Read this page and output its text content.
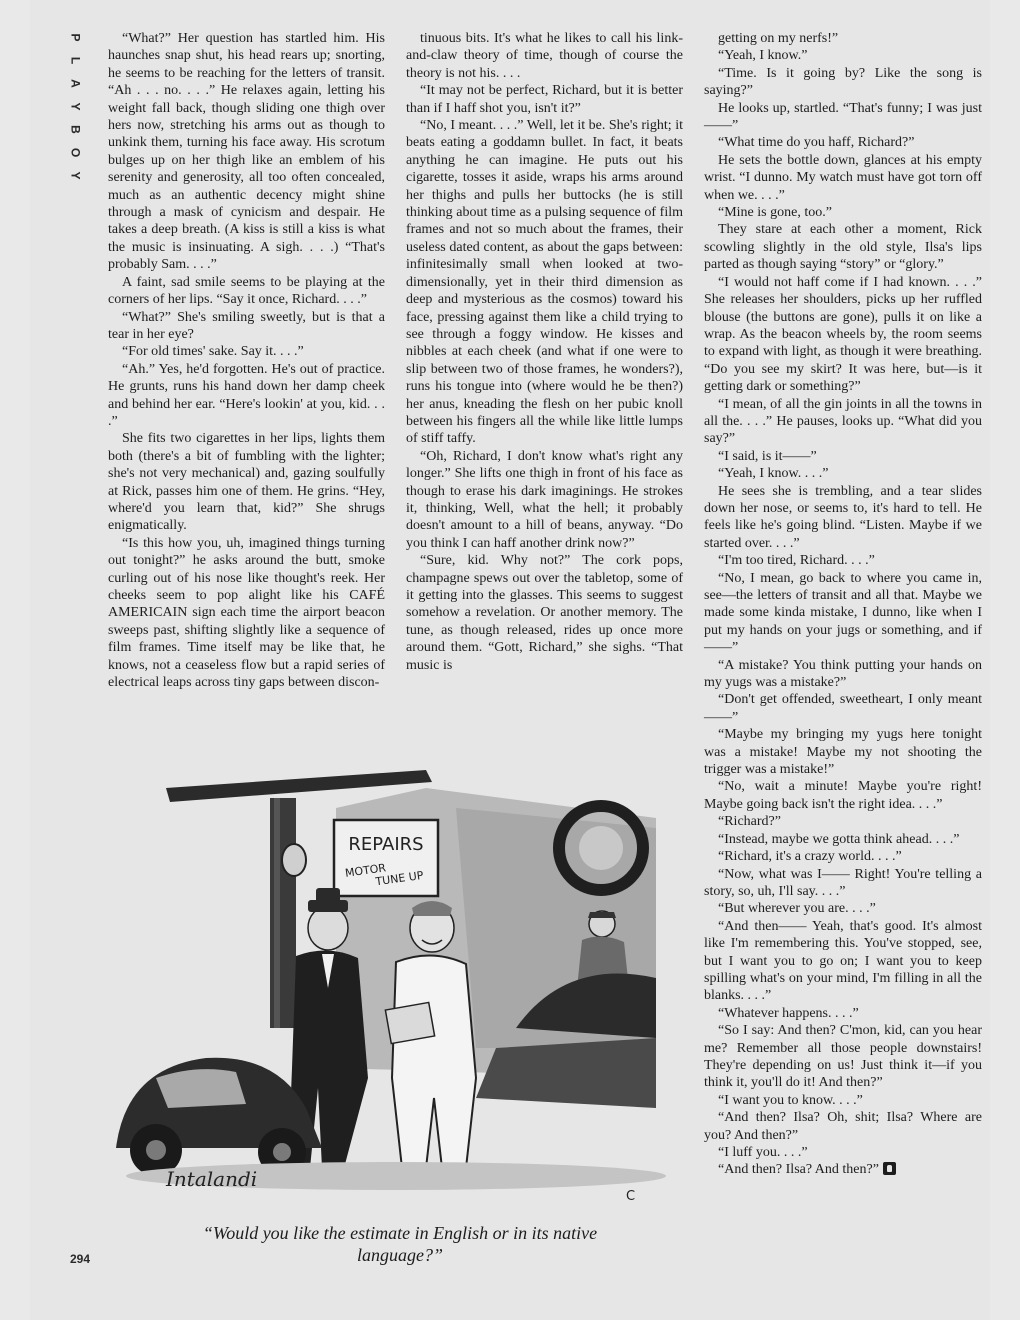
P
L
A
Y
B
O
Y

“What?” Her question has startled him. His haunches snap shut, his head rears up; snorting, he seems to be reaching for the letters of transit. “Ah . . . no. . . .” He relaxes again, letting his weight fall back, though sliding one thigh over hers now, stretching his arms out as though to unkink them, turning his face away. His scrotum bulges up on her thigh like an emblem of his serenity and generosity, all too often concealed, much as an authentic decency might shine through a mask of cynicism and despair. He takes a deep breath. (A kiss is still a kiss is what the music is insinuating. A sigh. . . .) “That's probably Sam. . . .”

A faint, sad smile seems to be playing at the corners of her lips. “Say it once, Richard. . . .”

“What?” She's smiling sweetly, but is that a tear in her eye?

“For old times' sake. Say it. . . .”

“Ah.” Yes, he'd forgotten. He's out of practice. He grunts, runs his hand down her damp cheek and behind her ear. “Here's lookin' at you, kid. . . .”

She fits two cigarettes in her lips, lights them both (there's a bit of fumbling with the lighter; she's not very mechanical) and, gazing soulfully at Rick, passes him one of them. He grins. “Hey, where'd you learn that, kid?” She shrugs enigmatically.

“Is this how you, uh, imagined things turning out tonight?” he asks around the butt, smoke curling out of his nose like thought's reek. Her cheeks seem to pop alight like his CAFÉ AMERICAIN sign each time the airport beacon sweeps past, shifting slightly like a sequence of film frames. Time itself may be like that, he knows, not a ceaseless flow but a rapid series of electrical leaps across tiny gaps between discon-

tinuous bits. It's what he likes to call his link-and-claw theory of time, though of course the theory is not his. . . .

“It may not be perfect, Richard, but it is better than if I haff shot you, isn't it?”

“No, I meant. . . .” Well, let it be. She's right; it beats eating a goddamn bullet. In fact, it beats anything he can imagine. He puts out his cigarette, tosses it aside, wraps his arms around her thighs and pulls her buttocks (he is still thinking about time as a pulsing sequence of film frames and not so much about the frames, their useless dated content, as about the gaps between: infinitesimally small when looked at two-dimensionally, yet in their third dimension as deep and mysterious as the cosmos) toward his face, pressing against them like a child trying to see through a foggy window. He kisses and nibbles at each cheek (and what if one were to slip between two of those frames, he wonders?), runs his tongue into (where would he be then?) her anus, kneading the flesh on her pubic knoll between his fingers all the while like little lumps of stiff taffy.

“Oh, Richard, I don't know what's right any longer.” She lifts one thigh in front of his face as though to erase his dark imaginings. He strokes it, thinking, Well, what the hell; it probably doesn't amount to a hill of beans, anyway. “Do you think I can haff another drink now?”

“Sure, kid. Why not?” The cork pops, champagne spews out over the tabletop, some of it getting into the glasses. This seems to suggest somehow a revelation. Or another memory. The tune, as though released, rides up once more around them. “Gott, Richard,” she sighs. “That music is

getting on my nerfs!”

“Yeah, I know.”

“Time. Is it going by? Like the song is saying?”

He looks up, startled. “That's funny; I was just——”

“What time do you haff, Richard?”

He sets the bottle down, glances at his empty wrist. “I dunno. My watch must have got torn off when we. . . .”

“Mine is gone, too.”

They stare at each other a moment, Rick scowling slightly in the old style, Ilsa's lips parted as though saying “story” or “glory.”

“I would not haff come if I had known. . . .” She releases her shoulders, picks up her ruffled blouse (the buttons are gone), pulls it on like a wrap. As the beacon wheels by, the room seems to expand with light, as though it were breathing. “Do you see my skirt? It was here, but—is it getting dark or something?”

“I mean, of all the gin joints in all the towns in all the. . . .” He pauses, looks up. “What did you say?”

“I said, is it——”

“Yeah, I know. . . .”

He sees she is trembling, and a tear slides down her nose, or seems to, it's hard to tell. He feels like he's going blind. “Listen. Maybe if we started over. . . .”

“I'm too tired, Richard. . . .”

“No, I mean, go back to where you came in, see—the letters of transit and all that. Maybe we made some kinda mistake, I dunno, like when I put my hands on your jugs or something, and if——”

“A mistake? You think putting your hands on my yugs was a mistake?”

“Don't get offended, sweetheart, I only meant——”

“Maybe my bringing my yugs here tonight was a mistake! Maybe my not shooting the trigger was a mistake!”

“No, wait a minute! Maybe you're right! Maybe going back isn't the right idea. . . .”

“Richard?”

“Instead, maybe we gotta think ahead. . . .”

“Richard, it's a crazy world. . . .”

“Now, what was I—— Right! You're telling a story, so, uh, I'll say. . . .”

“But wherever you are. . . .”

“And then—— Yeah, that's good. It's almost like I'm remembering this. You've stopped, see, but I want you to go on; I want you to keep spilling what's on your mind, I'm filling in all the blanks. . . .”

“Whatever happens. . . .”

“So I say: And then? C'mon, kid, can you hear me? Remember all those people downstairs! They're depending on us! Just think it—if you think it, you'll do it! And then?”

“I want you to know. . . .”

“And then? Ilsa? Oh, shit; Ilsa? Where are you? And then?”

“I luff you. . . .”

“And then? Ilsa? And then?”

REPAIRS
MOTOR
TUNE UP
Intalandi
C
“Would you like the estimate in English or in its native language?”
294
